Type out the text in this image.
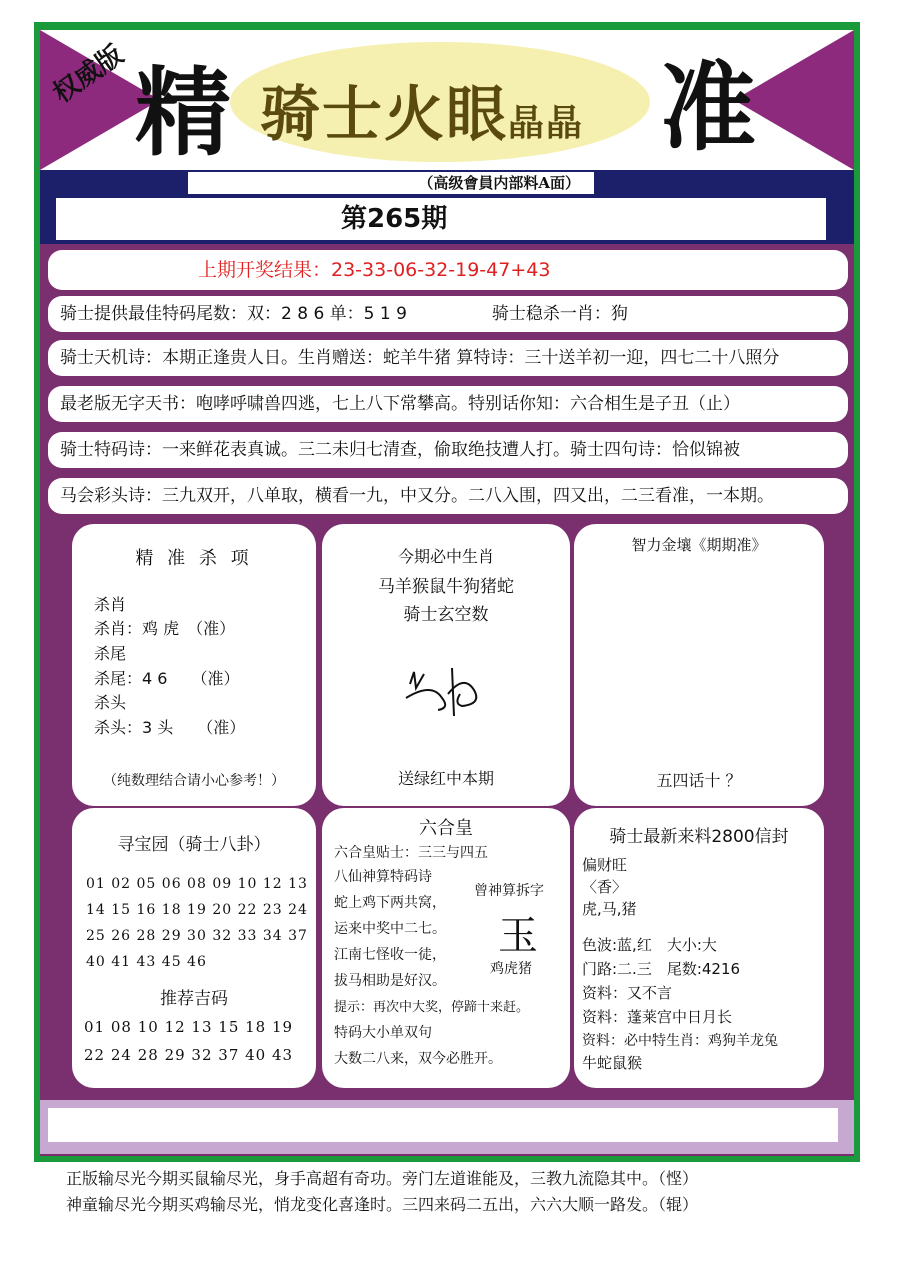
权威版 精 骑士火眼晶晶 准
（高级會員内部料A面）
第265期
上期开奖结果：23-33-06-32-19-47+43
骑士提供最佳特码尾数：双：2 8 6 单：5 1 9　　　　　骑士稳杀一肖：狗
骑士天机诗：本期正逢贵人日。生肖赠送：蛇羊牛猪 算特诗：三十送羊初一迎，四七二十八照分
最老版无字天书：咆哮呼啸兽四逃，七上八下常攀高。特别话你知：六合相生是子丑（止）
骑士特码诗：一来鲜花表真诚。三二未归七清查，偷取绝技遭人打。骑士四句诗：恰似锦被
马会彩头诗：三九双开，八单取，横看一九，中又分。二八入围，四又出，二三看准，一本期。
精 准 杀 项
杀肖
杀肖：鸡 虎　（准）
杀尾
杀尾：4 6　　（准）
杀头
杀头：3 头　　（准）
（纯数理结合请小心参考！）
今期必中生肖
马羊猴鼠牛狗猪蛇
骑士玄空数
送绿红中本期
智力金壤《期期准》
五四话十 ？
寻宝园（骑士八卦）
01 02 05 06 08 09 10 12 13
14 15 16 18 19 20 22 23 24
25 26 28 29 30 32 33 34 37
40 41 43 45 46
推荐吉码
01 08 10 12 13 15 18 19
22 24 28 29 32 37 40 43
六合皇
六合皇贴士：三三与四五
八仙神算特码诗
蛇上鸡下两共窝，
运来中奖中二七。
江南七怪收一徒，
拔马相助是好汉。
提示：再次中大奖，停蹄十来赶。
特码大小单双句
大数二八来，双今必胜开。
曾神算拆字
玉
鸡虎猪
骑士最新来料2800信封
偏财旺
〈香〉
虎,马,猪
色波:蓝,红　大小:大
门路:二.三　尾数:4216
资料：又不言
资料：蓬莱宫中日月长
资料：必中特生肖：鸡狗羊龙兔
牛蛇鼠猴
正版输尽光今期买鼠输尽光，身手高超有奇功。旁门左道谁能及，三教九流隐其中。（悭）
神童输尽光今期买鸡输尽光，悄龙变化喜逢时。三四来码二五出，六六大顺一路发。（辊）
